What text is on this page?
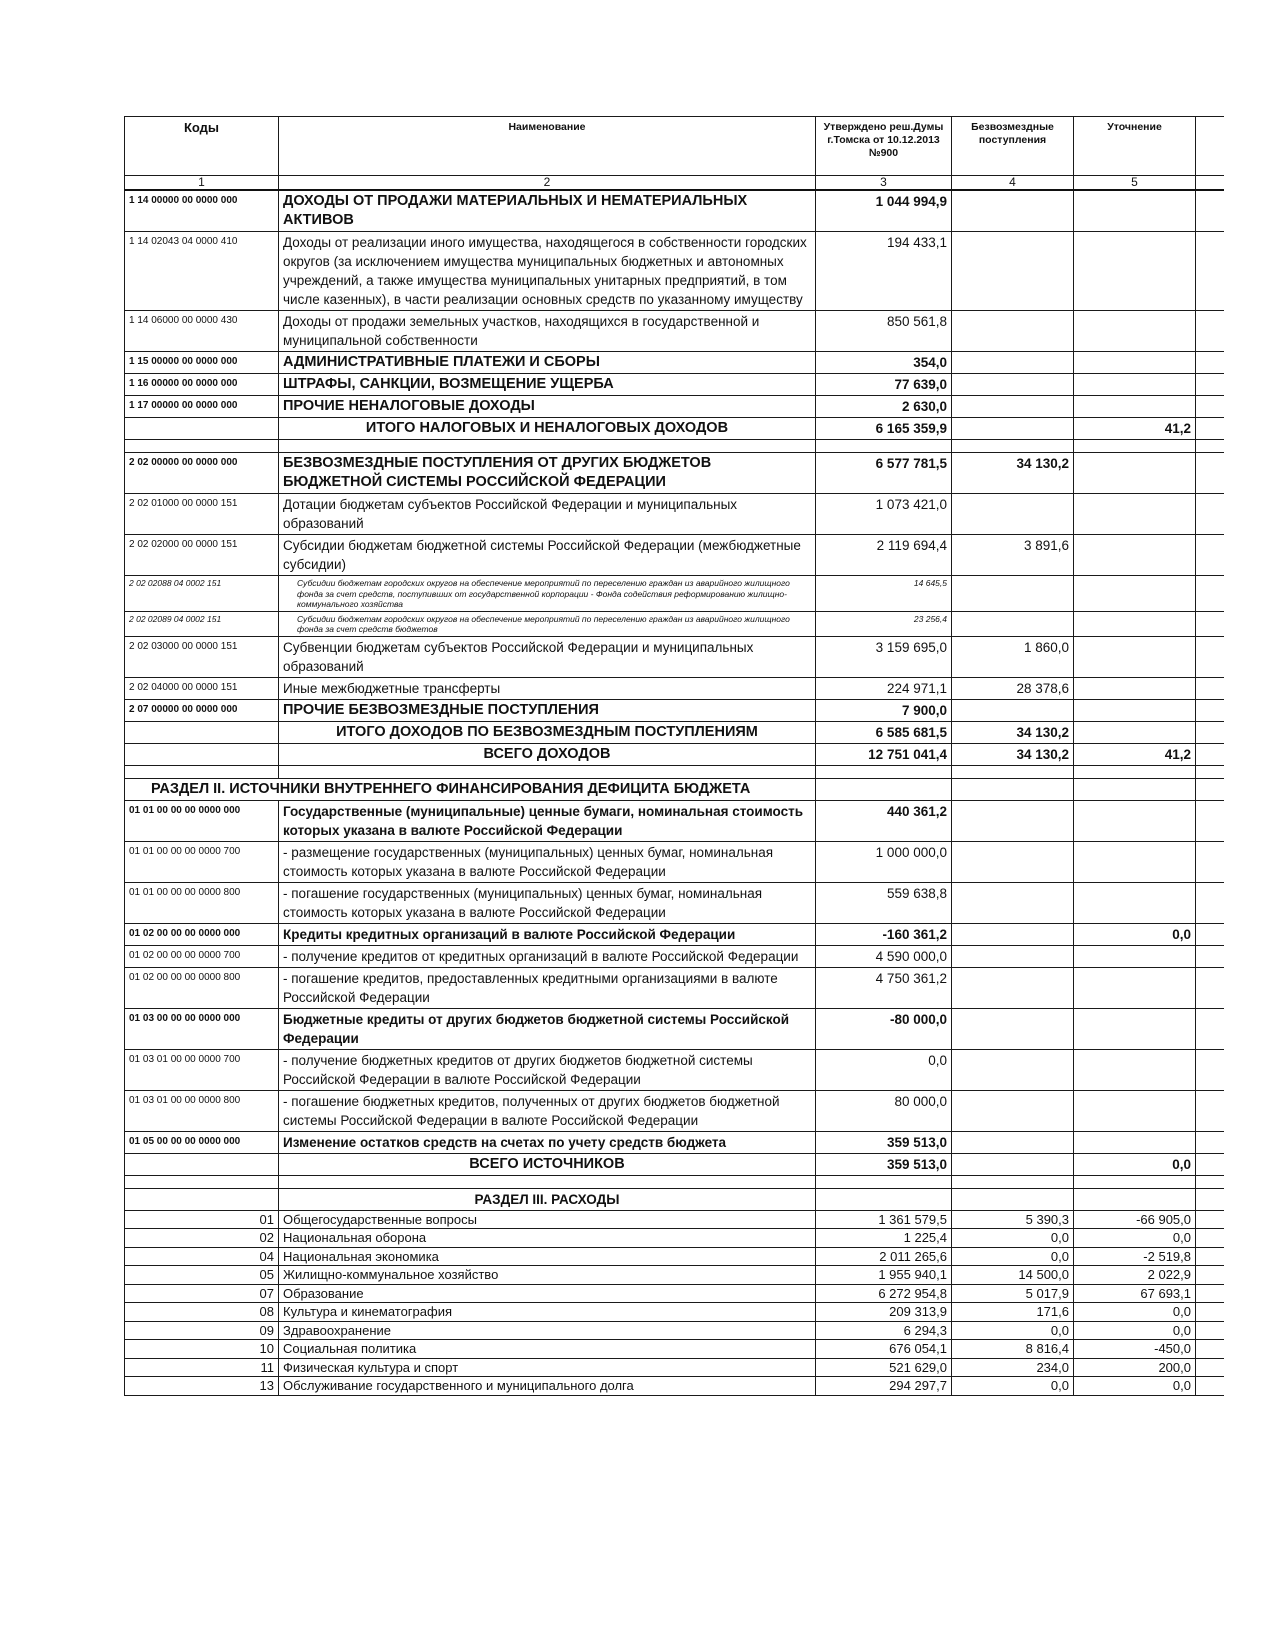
Коды	Наименование	Утверждено реш.Думы г.Томска от 10.12.2013 №900	Безвозмездные поступления	Уточнение	
1	2	3	4	5	
1 14 00000 00 0000 000	ДОХОДЫ ОТ ПРОДАЖИ МАТЕРИАЛЬНЫХ И НЕМАТЕРИАЛЬНЫХ АКТИВОВ	1 044 994,9			
1 14 02043 04 0000 410	Доходы от реализации иного имущества, находящегося в собственности городских округов (за исключением имущества муниципальных бюджетных и автономных учреждений, а также имущества муниципальных унитарных предприятий, в том числе казенных), в части реализации основных средств по указанному имуществу	194 433,1			
1 14 06000 00 0000 430	Доходы от продажи земельных участков, находящихся в государственной и муниципальной собственности	850 561,8			
1 15 00000 00 0000 000	АДМИНИСТРАТИВНЫЕ ПЛАТЕЖИ И СБОРЫ	354,0			
1 16 00000 00 0000 000	ШТРАФЫ, САНКЦИИ, ВОЗМЕЩЕНИЕ УЩЕРБА	77 639,0			
1 17 00000 00 0000 000	ПРОЧИЕ НЕНАЛОГОВЫЕ ДОХОДЫ	2 630,0			
	ИТОГО НАЛОГОВЫХ И НЕНАЛОГОВЫХ ДОХОДОВ	6 165 359,9		41,2	

2 02 00000 00 0000 000	БЕЗВОЗМЕЗДНЫЕ ПОСТУПЛЕНИЯ ОТ ДРУГИХ БЮДЖЕТОВ БЮДЖЕТНОЙ СИСТЕМЫ РОССИЙСКОЙ ФЕДЕРАЦИИ	6 577 781,5	34 130,2		
2 02 01000 00 0000 151	Дотации бюджетам субъектов Российской Федерации и муниципальных образований	1 073 421,0			
2 02 02000 00 0000 151	Субсидии бюджетам бюджетной системы Российской Федерации (межбюджетные субсидии)	2 119 694,4	3 891,6		
2 02 02088 04 0002 151	Субсидии бюджетам городских округов на обеспечение мероприятий по переселению граждан из аварийного жилищного фонда за счет средств, поступивших от государственной корпорации - Фонда содействия реформированию жилищно-коммунального хозяйства	14 645,5			
2 02 02089 04 0002 151	Субсидии бюджетам городских округов на обеспечение мероприятий по переселению граждан из аварийного жилищного фонда за счет средств бюджетов	23 256,4			
2 02 03000 00 0000 151	Субвенции бюджетам субъектов Российской Федерации и муниципальных образований	3 159 695,0	1 860,0		
2 02 04000 00 0000 151	Иные межбюджетные трансферты	224 971,1	28 378,6		
2 07 00000 00 0000 000	ПРОЧИЕ БЕЗВОЗМЕЗДНЫЕ ПОСТУПЛЕНИЯ	7 900,0			
	ИТОГО ДОХОДОВ ПО БЕЗВОЗМЕЗДНЫМ ПОСТУПЛЕНИЯМ	6 585 681,5	34 130,2		
	ВСЕГО ДОХОДОВ	12 751 041,4	34 130,2	41,2	

РАЗДЕЛ II. ИСТОЧНИКИ ВНУТРЕННЕГО ФИНАНСИРОВАНИЯ ДЕФИЦИТА БЮДЖЕТА					
01 01 00 00 00 0000 000	Государственные (муниципальные) ценные бумаги, номинальная стоимость которых указана в валюте Российской Федерации	440 361,2			
01 01 00 00 00 0000 700	- размещение государственных (муниципальных) ценных бумаг, номинальная стоимость которых указана в валюте Российской Федерации	1 000 000,0			
01 01 00 00 00 0000 800	- погашение государственных (муниципальных) ценных бумаг, номинальная стоимость которых указана в валюте Российской Федерации	559 638,8			
01 02 00 00 00 0000 000	Кредиты кредитных организаций в валюте Российской Федерации	-160 361,2		0,0	
01 02 00 00 00 0000 700	- получение кредитов от кредитных организаций в валюте Российской Федерации	4 590 000,0			
01 02 00 00 00 0000 800	- погашение кредитов, предоставленных кредитными организациями в валюте Российской Федерации	4 750 361,2			
01 03 00 00 00 0000 000	Бюджетные кредиты от других бюджетов бюджетной системы Российской Федерации	-80 000,0			
01 03 01 00 00 0000 700	- получение бюджетных кредитов от других бюджетов бюджетной системы Российской Федерации в валюте Российской Федерации	0,0			
01 03 01 00 00 0000 800	- погашение бюджетных кредитов, полученных от других бюджетов бюджетной системы Российской Федерации в валюте Российской Федерации	80 000,0			
01 05 00 00 00 0000 000	Изменение остатков средств на счетах по учету средств бюджета	359 513,0			
	ВСЕГО ИСТОЧНИКОВ	359 513,0		0,0	

	РАЗДЕЛ III. РАСХОДЫ				
01	Общегосударственные вопросы	1 361 579,5	5 390,3	-66 905,0	
02	Национальная оборона	1 225,4	0,0	0,0	
04	Национальная экономика	2 011 265,6	0,0	-2 519,8	
05	Жилищно-коммунальное хозяйство	1 955 940,1	14 500,0	2 022,9	
07	Образование	6 272 954,8	5 017,9	67 693,1	
08	Культура и кинематография	209 313,9	171,6	0,0	
09	Здравоохранение	6 294,3	0,0	0,0	
10	Социальная политика	676 054,1	8 816,4	-450,0	
11	Физическая культура и спорт	521 629,0	234,0	200,0	
13	Обслуживание государственного и муниципального долга	294 297,7	0,0	0,0	
